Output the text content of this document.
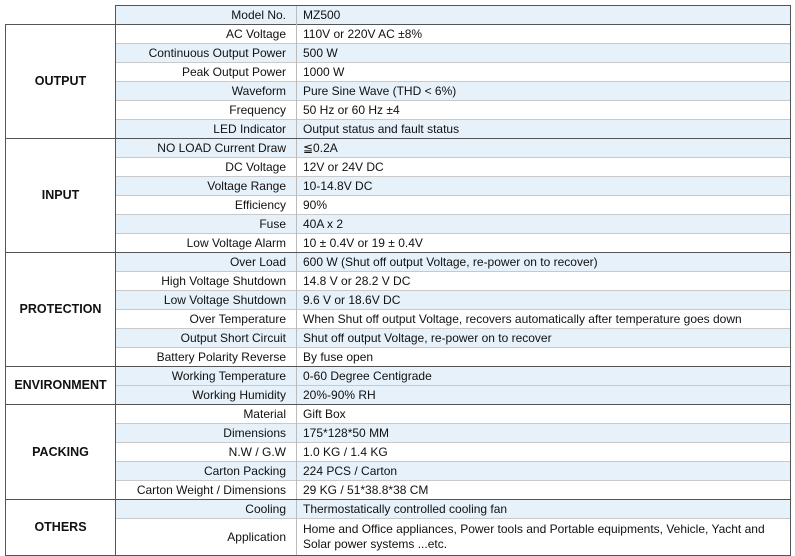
	Model No.	MZ500
OUTPUT	AC Voltage	110V or 220V AC ±8%
	Continuous Output Power	500 W
	Peak Output Power	1000 W
	Waveform	Pure Sine Wave (THD < 6%)
	Frequency	50 Hz or 60 Hz ±4
	LED Indicator	Output status and fault status
INPUT	NO LOAD Current Draw	≦0.2A
	DC Voltage	12V or 24V DC
	Voltage Range	10-14.8V DC
	Efficiency	90%
	Fuse	40A x 2
	Low Voltage Alarm	10 ± 0.4V or 19 ± 0.4V
PROTECTION	Over Load	600 W (Shut off output Voltage, re-power on to recover)
	High Voltage Shutdown	14.8 V or 28.2 V DC
	Low Voltage Shutdown	9.6 V or 18.6V DC
	Over Temperature	When Shut off output Voltage, recovers automatically after temperature goes down
	Output Short Circuit	Shut off output Voltage, re-power on to recover
	Battery Polarity Reverse	By fuse open
ENVIRONMENT	Working Temperature	0-60 Degree Centigrade
	Working Humidity	20%-90% RH
PACKING	Material	Gift Box
	Dimensions	175*128*50 MM
	N.W / G.W	1.0 KG / 1.4 KG
	Carton Packing	224 PCS / Carton
	Carton Weight / Dimensions	29 KG / 51*38.8*38 CM
OTHERS	Cooling	Thermostatically controlled cooling fan
	Application	Home and Office appliances, Power tools and Portable equipments, Vehicle, Yacht and Solar power systems ...etc.
